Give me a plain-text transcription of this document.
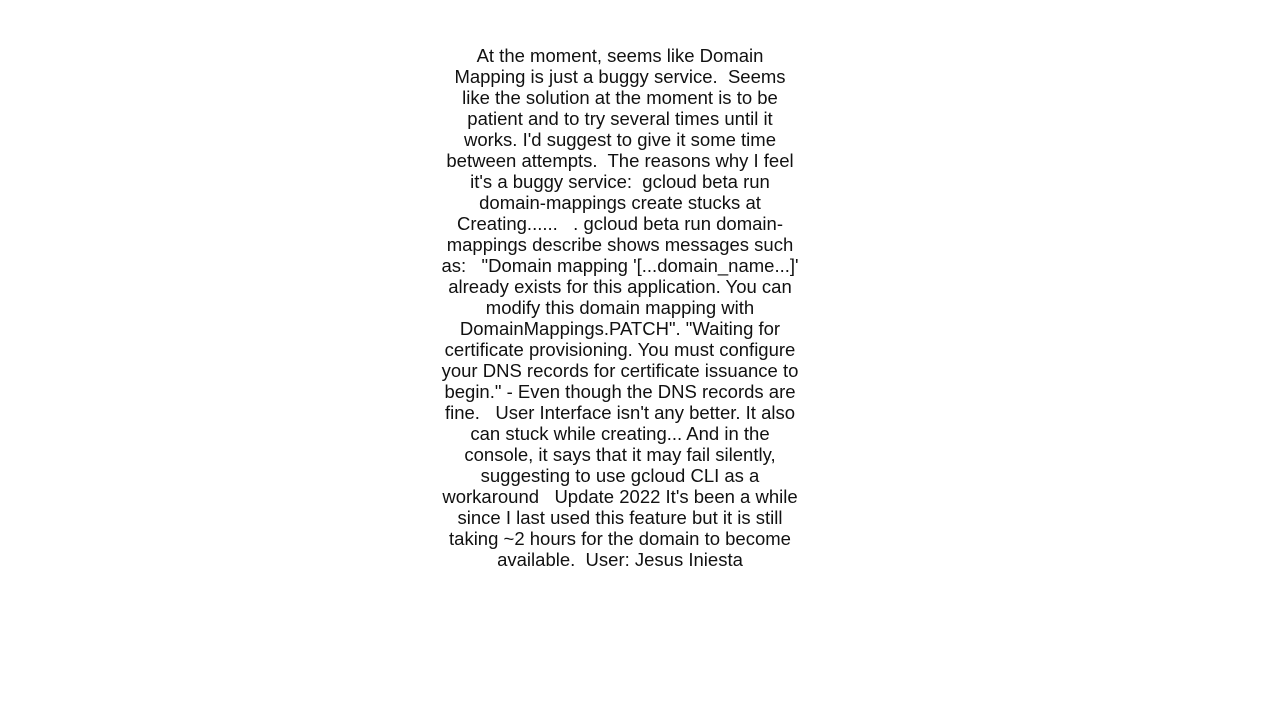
At the moment, seems like Domain Mapping is just a buggy service.  Seems like the solution at the moment is to be patient and to try several times until it works. I'd suggest to give it some time between attempts.  The reasons why I feel it's a buggy service:  gcloud beta run domain-mappings create stucks at Creating......   . gcloud beta run domain-mappings describe shows messages such as:   "Domain mapping '[...domain_name...]' already exists for this application. You can modify this domain mapping with DomainMappings.PATCH". "Waiting for certificate provisioning. You must configure your DNS records for certificate issuance to begin." - Even though the DNS records are fine.   User Interface isn't any better. It also can stuck while creating... And in the console, it says that it may fail silently, suggesting to use gcloud CLI as a workaround   Update 2022 It's been a while since I last used this feature but it is still taking ~2 hours for the domain to become available.  User: Jesus Iniesta
